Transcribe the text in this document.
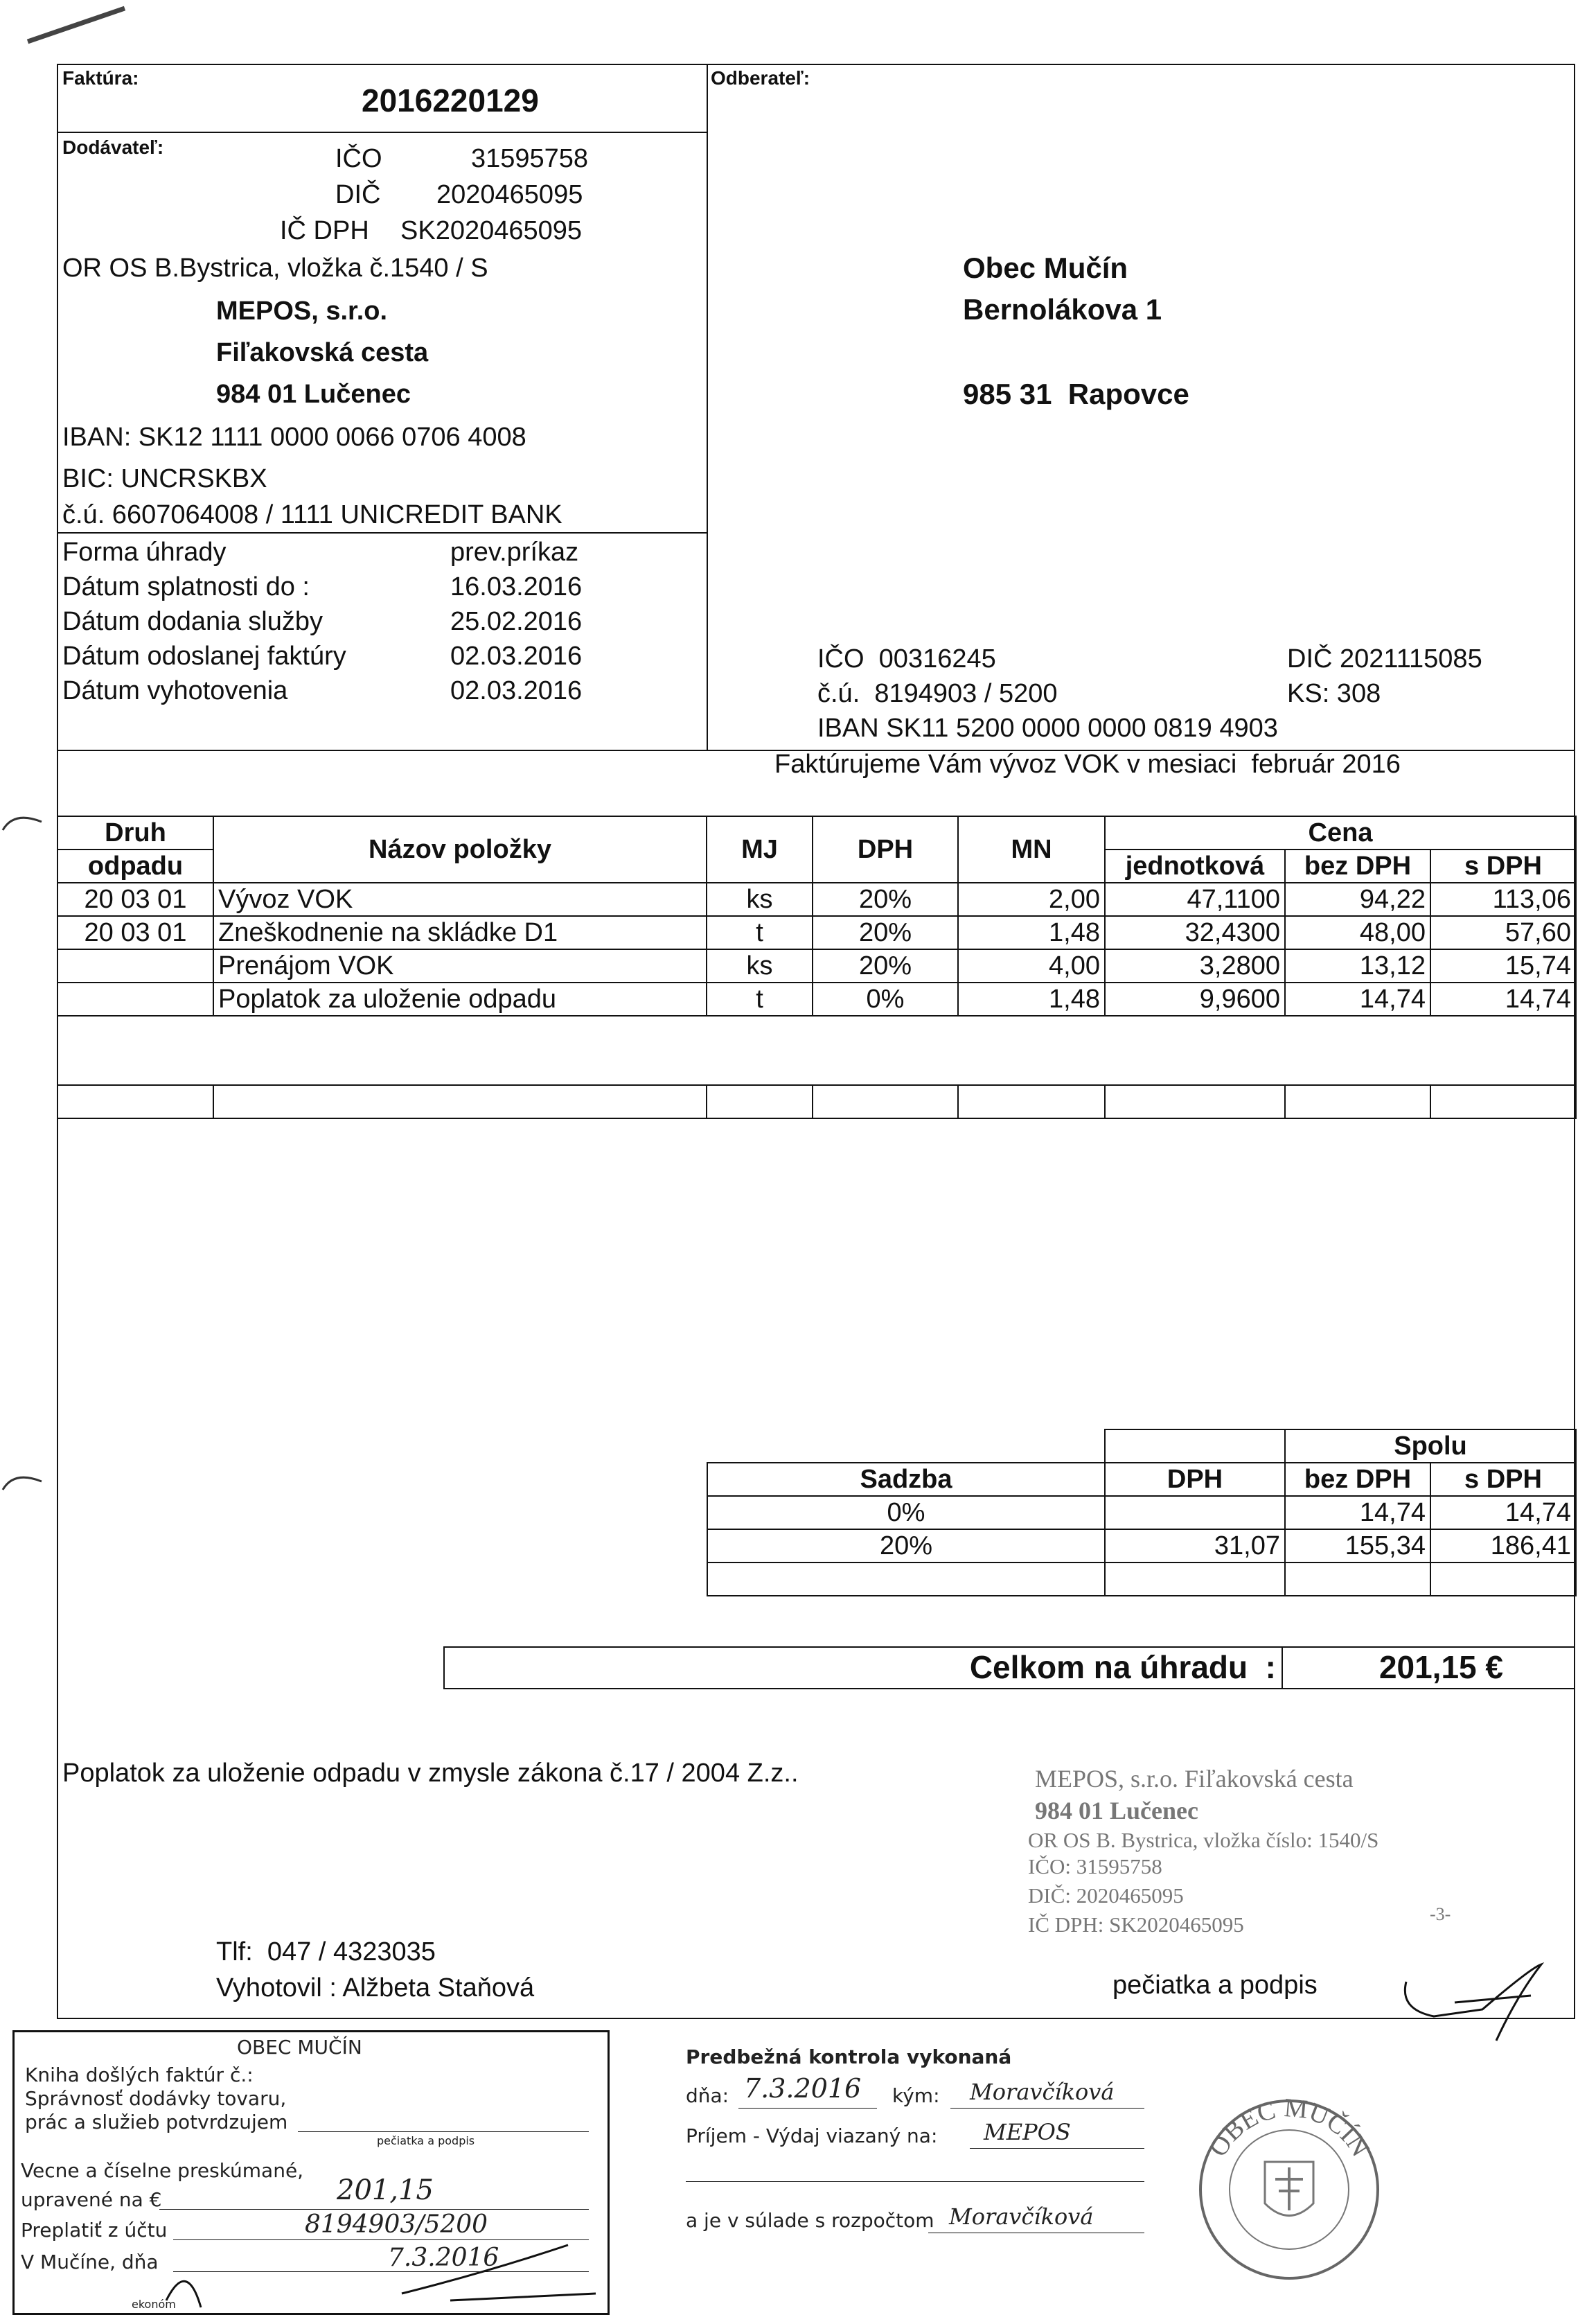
Faktúra:
2016220129
Odberateľ:
Dodávateľ:	IČO	31595758
DIČ 2020465095
IČ DPH SK2020465095
OR OS B.Bystrica, vložka č.1540 / S
MEPOS, s.r.o.
Fiľakovská cesta
984 01 Lučenec
IBAN: SK12 1111 0000 0066 0706 4008
BIC: UNCRSKBX
č.ú. 6607064008 / 1111 UNICREDIT BANK
Forma úhrady	prev.príkaz
Dátum splatnosti do :	16.03.2016
Dátum dodania služby	25.02.2016
Dátum odoslanej faktúry	02.03.2016
Dátum vyhotovenia	02.03.2016
Obec Mučín
Bernolákova 1
985 31  Rapovce
IČO  00316245	DIČ 2021115085
č.ú.  8194903 / 5200	KS: 308
IBAN SK11 5200 0000 0000 0819 4903
Faktúrujeme Vám vývoz VOK v mesiaci  február 2016
Druh	Názov položky	MJ	DPH	MN	Cena		
odpadu					jednotková	bez DPH	s DPH
20 03 01	Vývoz VOK	ks	20%	2,00	47,1100	94,22	113,06
20 03 01	Zneškodnenie na skládke D1	t	20%	1,48	32,4300	48,00	57,60
	Prenájom VOK	ks	20%	4,00	3,2800	13,12	15,74
	Poplatok za uloženie odpadu	t	0%	1,48	9,9600	14,74	14,74

		Spolu	
Sadzba	DPH	bez DPH	s DPH
0%		14,74	14,74
20%	31,07	155,34	186,41

Celkom na úhradu  :	201,15 €
Poplatok za uloženie odpadu v zmysle zákona č.17 / 2004 Z.z..	MEPOS, s.r.o. Fiľakovská cesta
984 01 Lučenec
OR OS B. Bystrica, vložka číslo: 1540/S
IČO: 31595758
DIČ: 2020465095
IČ DPH: SK2020465095	-3-
Tlf:  047 / 4323035
Vyhotovil : Alžbeta Staňová	pečiatka a podpis
OBEC MUČÍN
Kniha došlých faktúr č.:
Správnosť dodávky tovaru,
prác a služieb potvrdzujem
pečiatka a podpis
Vecne a číselne preskúmané,
upravené na €	201,15
Preplatiť z účtu	8194903/5200
V Mučíne, dňa	7.3.2016
ekonóm
Predbežná kontrola vykonaná
dňa: 7.3.2016 kým: Moravčíková
Príjem - Výdaj viazaný na: MEPOS
a je v súlade s rozpočtom Moravčíková
OBEC MUČÍN
